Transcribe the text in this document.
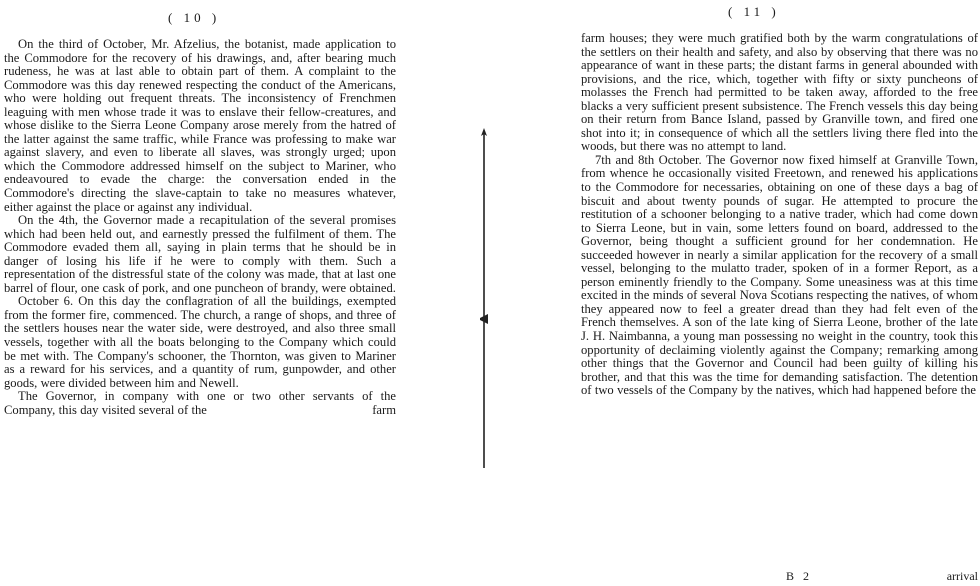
( 10 )

On the third of October, Mr. Afzelius, the botanist, made application to the Commodore for the recovery of his drawings, and, after bearing much rudeness, he was at last able to obtain part of them. A complaint to the Commodore was this day renewed respecting the conduct of the Americans, who were holding out frequent threats. The inconsistency of Frenchmen leaguing with men whose trade it was to enslave their fellow-creatures, and whose dislike to the Sierra Leone Company arose merely from the hatred of the latter against the same traffic, while France was professing to make war against slavery, and even to liberate all slaves, was strongly urged; upon which the Commodore addressed himself on the subject to Mariner, who endeavoured to evade the charge: the conversation ended in the Commodore's directing the slave-captain to take no measures whatever, either against the place or against any individual.

On the 4th, the Governor made a recapitulation of the several promises which had been held out, and earnestly pressed the fulfilment of them. The Commodore evaded them all, saying in plain terms that he should be in danger of losing his life if he were to comply with them. Such a representation of the distressful state of the colony was made, that at last one barrel of flour, one cask of pork, and one puncheon of brandy, were obtained.

October 6. On this day the conflagration of all the buildings, exempted from the former fire, commenced. The church, a range of shops, and three of the settlers houses near the water side, were destroyed, and also three small vessels, together with all the boats belonging to the Company which could be met with. The Company's schooner, the Thornton, was given to Mariner as a reward for his services, and a quantity of rum, gunpowder, and other goods, were divided between him and Newell.

The Governor, in company with one or two other servants of the Company, this day visited several of the	farm

( 11 )

farm houses; they were much gratified both by the warm congratulations of the settlers on their health and safety, and also by observing that there was no appearance of want in these parts; the distant farms in general abounded with provisions, and the rice, which, together with fifty or sixty puncheons of molasses the French had permitted to be taken away, afforded to the free blacks a very sufficient present subsistence. The French vessels this day being on their return from Bance Island, passed by Granville town, and fired one shot into it; in consequence of which all the settlers living there fled into the woods, but there was no attempt to land.

7th and 8th October. The Governor now fixed himself at Granville Town, from whence he occasionally visited Freetown, and renewed his applications to the Commodore for necessaries, obtaining on one of these days a bag of biscuit and about twenty pounds of sugar. He attempted to procure the restitution of a schooner belonging to a native trader, which had come down to Sierra Leone, but in vain, some letters found on board, addressed to the Governor, being thought a sufficient ground for her condemnation. He succeeded however in nearly a similar application for the recovery of a small vessel, belonging to the mulatto trader, spoken of in a former Report, as a person eminently friendly to the Company. Some uneasiness was at this time excited in the minds of several Nova Scotians respecting the natives, of whom they appeared now to feel a greater dread than they had felt even of the French themselves. A son of the late king of Sierra Leone, brother of the late J. H. Naimbanna, a young man possessing no weight in the country, took this opportunity of declaiming violently against the Company; remarking among other things that the Governor and Council had been guilty of killing his brother, and that this was the time for demanding satisfaction. The detention of two vessels of the Company by the natives, which had happened before the

B 2	arrival
